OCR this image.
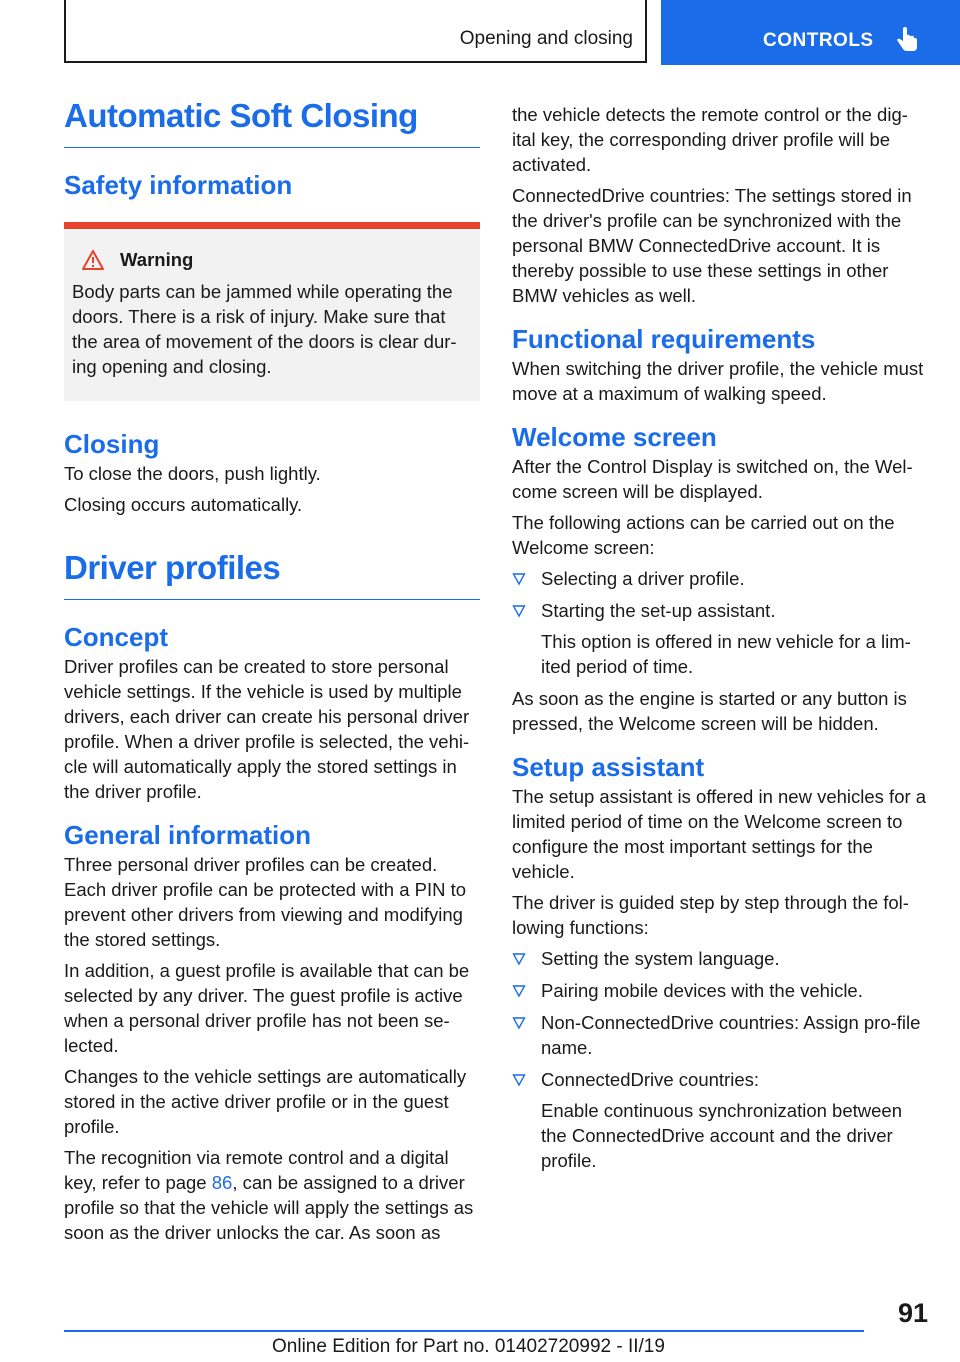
Opening and closing	CONTROLS
Automatic Soft Closing
Safety information
Warning

Body parts can be jammed while operating the doors. There is a risk of injury. Make sure that the area of movement of the doors is clear dur-ing opening and closing.

Closing

To close the doors, push lightly.

Closing occurs automatically.

Driver profiles
Concept

Driver profiles can be created to store personal vehicle settings. If the vehicle is used by multiple drivers, each driver can create his personal driver profile. When a driver profile is selected, the vehi-cle will automatically apply the stored settings in the driver profile.

General information

Three personal driver profiles can be created. Each driver profile can be protected with a PIN to prevent other drivers from viewing and modifying the stored settings.

In addition, a guest profile is available that can be selected by any driver. The guest profile is active when a personal driver profile has not been se-lected.

Changes to the vehicle settings are automatically stored in the active driver profile or in the guest profile.

The recognition via remote control and a digital key, refer to page 86, can be assigned to a driver profile so that the vehicle will apply the settings as soon as the driver unlocks the car. As soon as

the vehicle detects the remote control or the dig-ital key, the corresponding driver profile will be activated.

ConnectedDrive countries: The settings stored in the driver's profile can be synchronized with the personal BMW ConnectedDrive account. It is thereby possible to use these settings in other BMW vehicles as well.

Functional requirements

When switching the driver profile, the vehicle must move at a maximum of walking speed.

Welcome screen

After the Control Display is switched on, the Wel-come screen will be displayed.

The following actions can be carried out on the Welcome screen:

Selecting a driver profile.

Starting the set-up assistant.

This option is offered in new vehicle for a lim-ited period of time.

As soon as the engine is started or any button is pressed, the Welcome screen will be hidden.

Setup assistant

The setup assistant is offered in new vehicles for a limited period of time on the Welcome screen to configure the most important settings for the vehicle.

The driver is guided step by step through the fol-lowing functions:

Setting the system language.

Pairing mobile devices with the vehicle.

Non-ConnectedDrive countries: Assign pro-file name.

ConnectedDrive countries:

Enable continuous synchronization between the ConnectedDrive account and the driver profile.

91
Online Edition for Part no. 01402720992 - II/19
